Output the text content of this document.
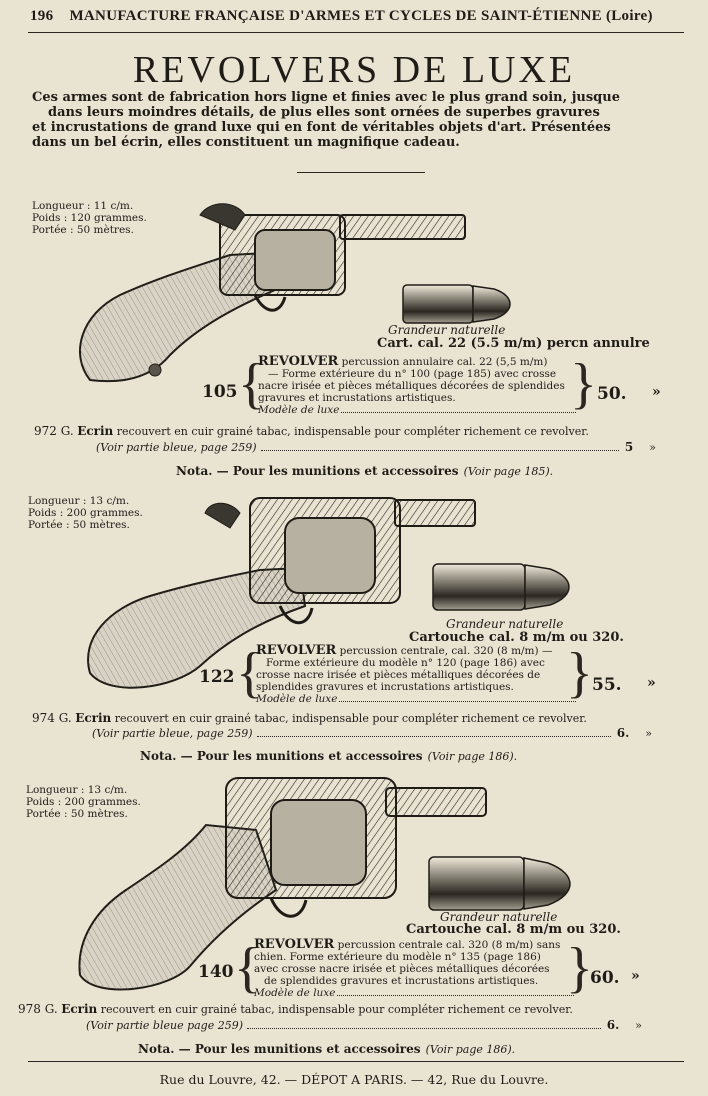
196 MANUFACTURE FRANÇAISE D'ARMES ET CYCLES DE SAINT-ÉTIENNE (Loire)
REVOLVERS DE LUXE
Ces armes sont de fabrication hors ligne et finies avec le plus grand soin, jusque
dans leurs moindres détails, de plus elles sont ornées de superbes gravures
et incrustations de grand luxe qui en font de véritables objets d'art. Présentées
dans un bel écrin, elles constituent un magnifique cadeau.
Longueur : 11 c/m.
Poids : 120 grammes.
Portée : 50 mètres.
Grandeur naturelle
Cart. cal. 22 (5.5 m/m) percn annulre
105 {
REVOLVER percussion annulaire cal. 22 (5,5 m/m)
— Forme extérieure du n° 100 (page 185) avec crosse
nacre irisée et pièces métalliques décorées de splendides
gravures et incrustations artistiques.
Modèle de luxe	} 50. »
972 G. Ecrin recouvert en cuir grainé tabac, indispensable pour compléter richement ce revolver.
(Voir partie bleue, page 259)	5 »
Nota. — Pour les munitions et accessoires (Voir page 185).
Longueur : 13 c/m.
Poids : 200 grammes.
Portée : 50 mètres.
Grandeur naturelle
Cartouche cal. 8 m/m ou 320.
122 {
REVOLVER percussion centrale, cal. 320 (8 m/m) —
Forme extérieure du modèle n° 120 (page 186) avec
crosse nacre irisée et pièces métalliques décorées de
splendides gravures et incrustations artistiques.
Modèle de luxe	} 55. »
974 G. Ecrin recouvert en cuir grainé tabac, indispensable pour compléter richement ce revolver.
(Voir partie bleue, page 259)	6. »
Nota. — Pour les munitions et accessoires (Voir page 186).
Longueur : 13 c/m.
Poids : 200 grammes.
Portée : 50 mètres.
Grandeur naturelle
Cartouche cal. 8 m/m ou 320.
140 {
REVOLVER percussion centrale cal. 320 (8 m/m) sans
chien. Forme extérieure du modèle n° 135 (page 186)
avec crosse nacre irisée et pièces métalliques décorées
de splendides gravures et incrustations artistiques.
Modèle de luxe	}
60. »
978 G. Ecrin recouvert en cuir grainé tabac, indispensable pour compléter richement ce revolver.
(Voir partie bleue page 259)	6. »
Nota. — Pour les munitions et accessoires (Voir page 186).
Rue du Louvre, 42. — DÉPOT A PARIS. — 42, Rue du Louvre.
